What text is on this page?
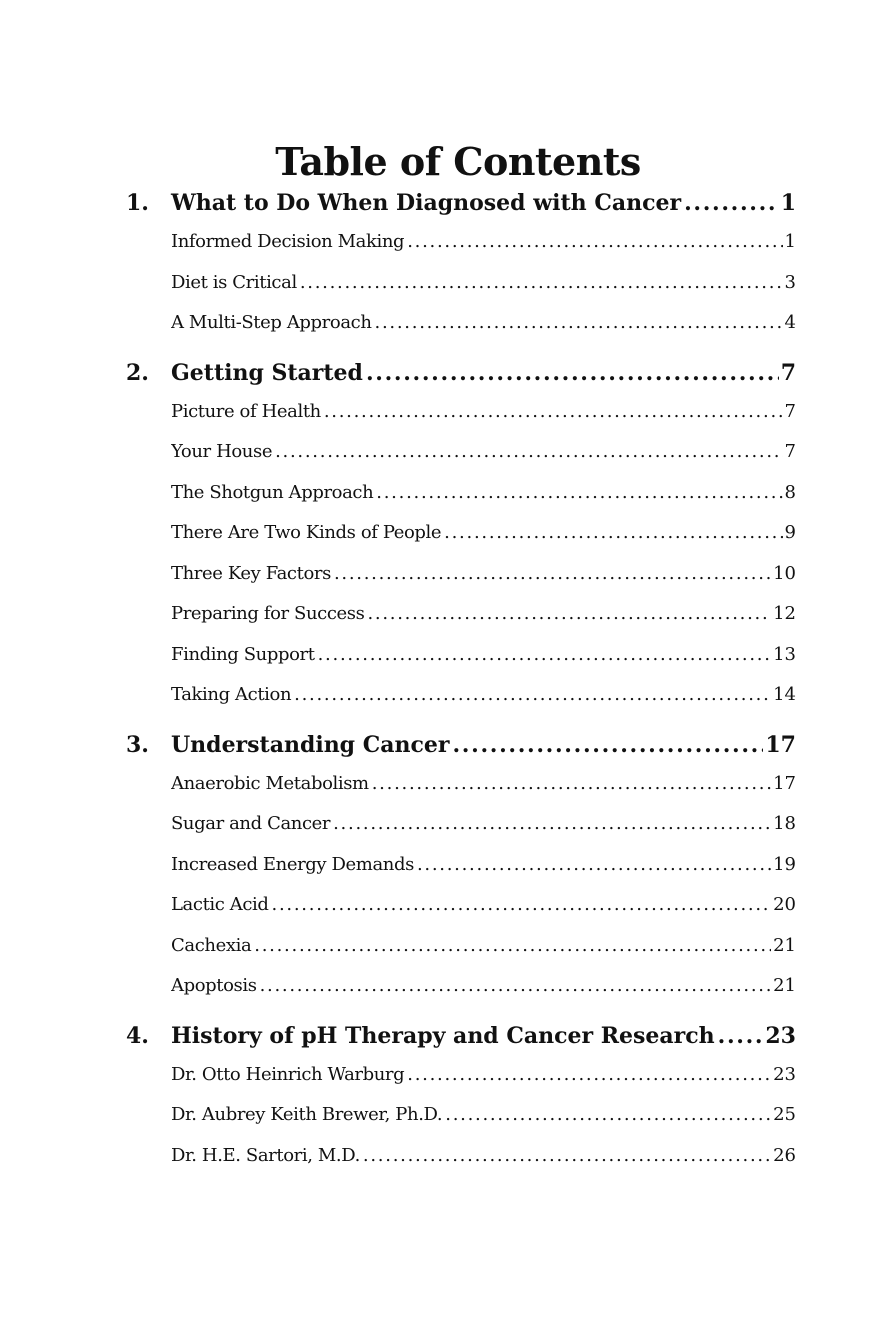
Table of Contents
1.	What to Do When Diagnosed with Cancer . . .	1
Informed Decision Making . . .	1
Diet is Critical . . .	3
A Multi-Step Approach . . .	4
2.	Getting Started . . .	7
Picture of Health . . .	7
Your House . . .	7
The Shotgun Approach . . .	8
There Are Two Kinds of People . . .	9
Three Key Factors . . .	10
Preparing for Success . . .	12
Finding Support . . .	13
Taking Action . . .	14
3.	Understanding Cancer . . .	17
Anaerobic Metabolism . . .	17
Sugar and Cancer . . .	18
Increased Energy Demands . . .	19
Lactic Acid . . .	20
Cachexia . . .	21
Apoptosis . . .	21
4.	History of pH Therapy and Cancer Research . . . 23
Dr. Otto Heinrich Warburg . . .	23
Dr. Aubrey Keith Brewer, Ph.D. . . .	25
Dr. H.E. Sartori, M.D. . . .	26
